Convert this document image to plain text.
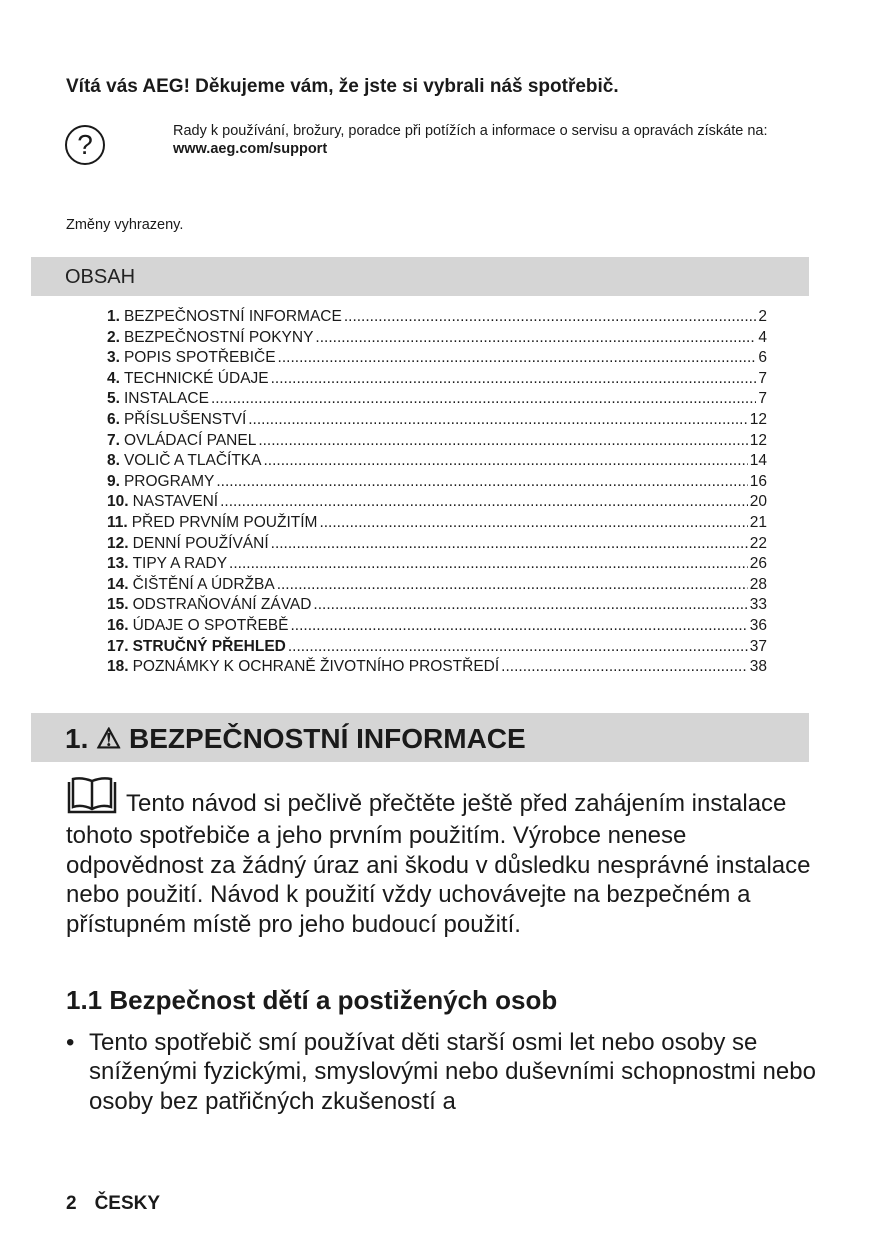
Vítá vás AEG! Děkujeme vám, že jste si vybrali náš spotřebič.
?	Rady k používání, brožury, poradce při potížích a informace o servisu a opravách získáte na:
www.aeg.com/support
Změny vyhrazeny.
OBSAH
1. BEZPEČNOSTNÍ INFORMACE .....	2
2. BEZPEČNOSTNÍ POKYNY .....	4
3. POPIS SPOTŘEBIČE .....	6
4. TECHNICKÉ ÚDAJE .....	7
5. INSTALACE .....	7
6. PŘÍSLUŠENSTVÍ .....	12
7. OVLÁDACÍ PANEL .....	12
8. VOLIČ A TLAČÍTKA .....	14
9. PROGRAMY .....	16
10. NASTAVENÍ .....	20
11. PŘED PRVNÍM POUŽITÍM .....	21
12. DENNÍ POUŽÍVÁNÍ .....	22
13. TIPY A RADY .....	26
14. ČIŠTĚNÍ A ÚDRŽBA .....	28
15. ODSTRAŇOVÁNÍ ZÁVAD .....	33
16. ÚDAJE O SPOTŘEBĚ .....	36
17. STRUČNÝ PŘEHLED .....	37
18. POZNÁMKY K OCHRANĚ ŽIVOTNÍHO PROSTŘEDÍ .....	38
1. ⚠ BEZPEČNOSTNÍ INFORMACE
Tento návod si pečlivě přečtěte ještě před zahájením instalace tohoto spotřebiče a jeho prvním použitím. Výrobce nenese odpovědnost za žádný úraz ani škodu v důsledku nesprávné instalace nebo použití. Návod k použití vždy uchovávejte na bezpečném a přístupném místě pro jeho budoucí použití.
1.1 Bezpečnost dětí a postižených osob
• Tento spotřebič smí používat děti starší osmi let nebo osoby se sníženými fyzickými, smyslovými nebo duševními schopnostmi nebo osoby bez patřičných zkušeností a
2 ČESKY
